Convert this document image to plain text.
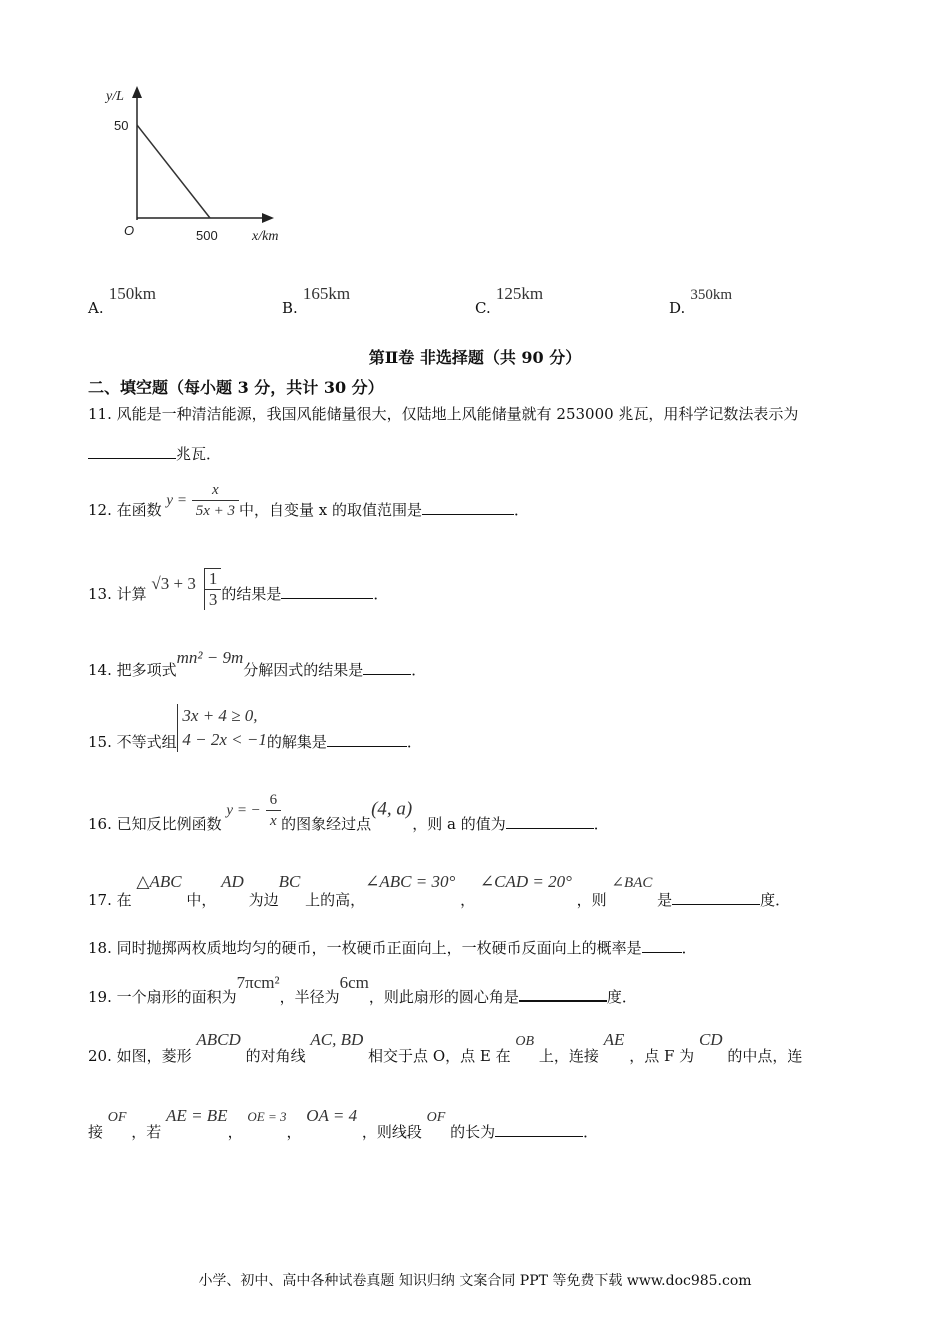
y/L
50
O	500 x/km
A. 150km
B. 165km
C. 125km
D. 350km
第Ⅱ卷 非选择题（共 90 分）
二、填空题（每小题 3 分，共计 30 分）
11. 风能是一种清洁能源，我国风能储量很大，仅陆地上风能储量就有 253000 兆瓦，用科学记数法表示为
兆瓦．
12. 在函数 $y = \frac{x}{5x + 3}$ 中，自变量 x 的取值范围是	．
13. 计算 $√3 + 3 \frac{1}{3}$ 的结果是	．
14. 把多项式mn² − 9m分解因式的结果是	．
15. 不等式组
3x + 4 ≥ 0,
4 − 2x < −1 的解集是	．
16. 已知反比例函数 y = − $\frac{6}{x}$ 的图象经过点(4, a)，则 a 的值为	．
17. 在 △ABC 中， AD 为边BC 上的高，∠ABC = 30° ， ∠CAD = 20° ，则 ∠BAC 是	度．
18. 同时抛掷两枚质地均匀的硬币，一枚硬币正面向上，一枚硬币反面向上的概率是	．
19. 一个扇形的面积为7πcm²，半径为6cm，则此扇形的圆心角是	度．
20. 如图，菱形 ABCD 的对角线 AC, BD 相交于点 O，点 E 在 OB 上，连接 AE ，点 F 为 CD 的中点，连
接 OF ，若 AE = BE， OE = 3， OA = 4 ，则线段 OF 的长为	．
小学、初中、高中各种试卷真题 知识归纳 文案合同 PPT 等免费下载 www.doc985.com
